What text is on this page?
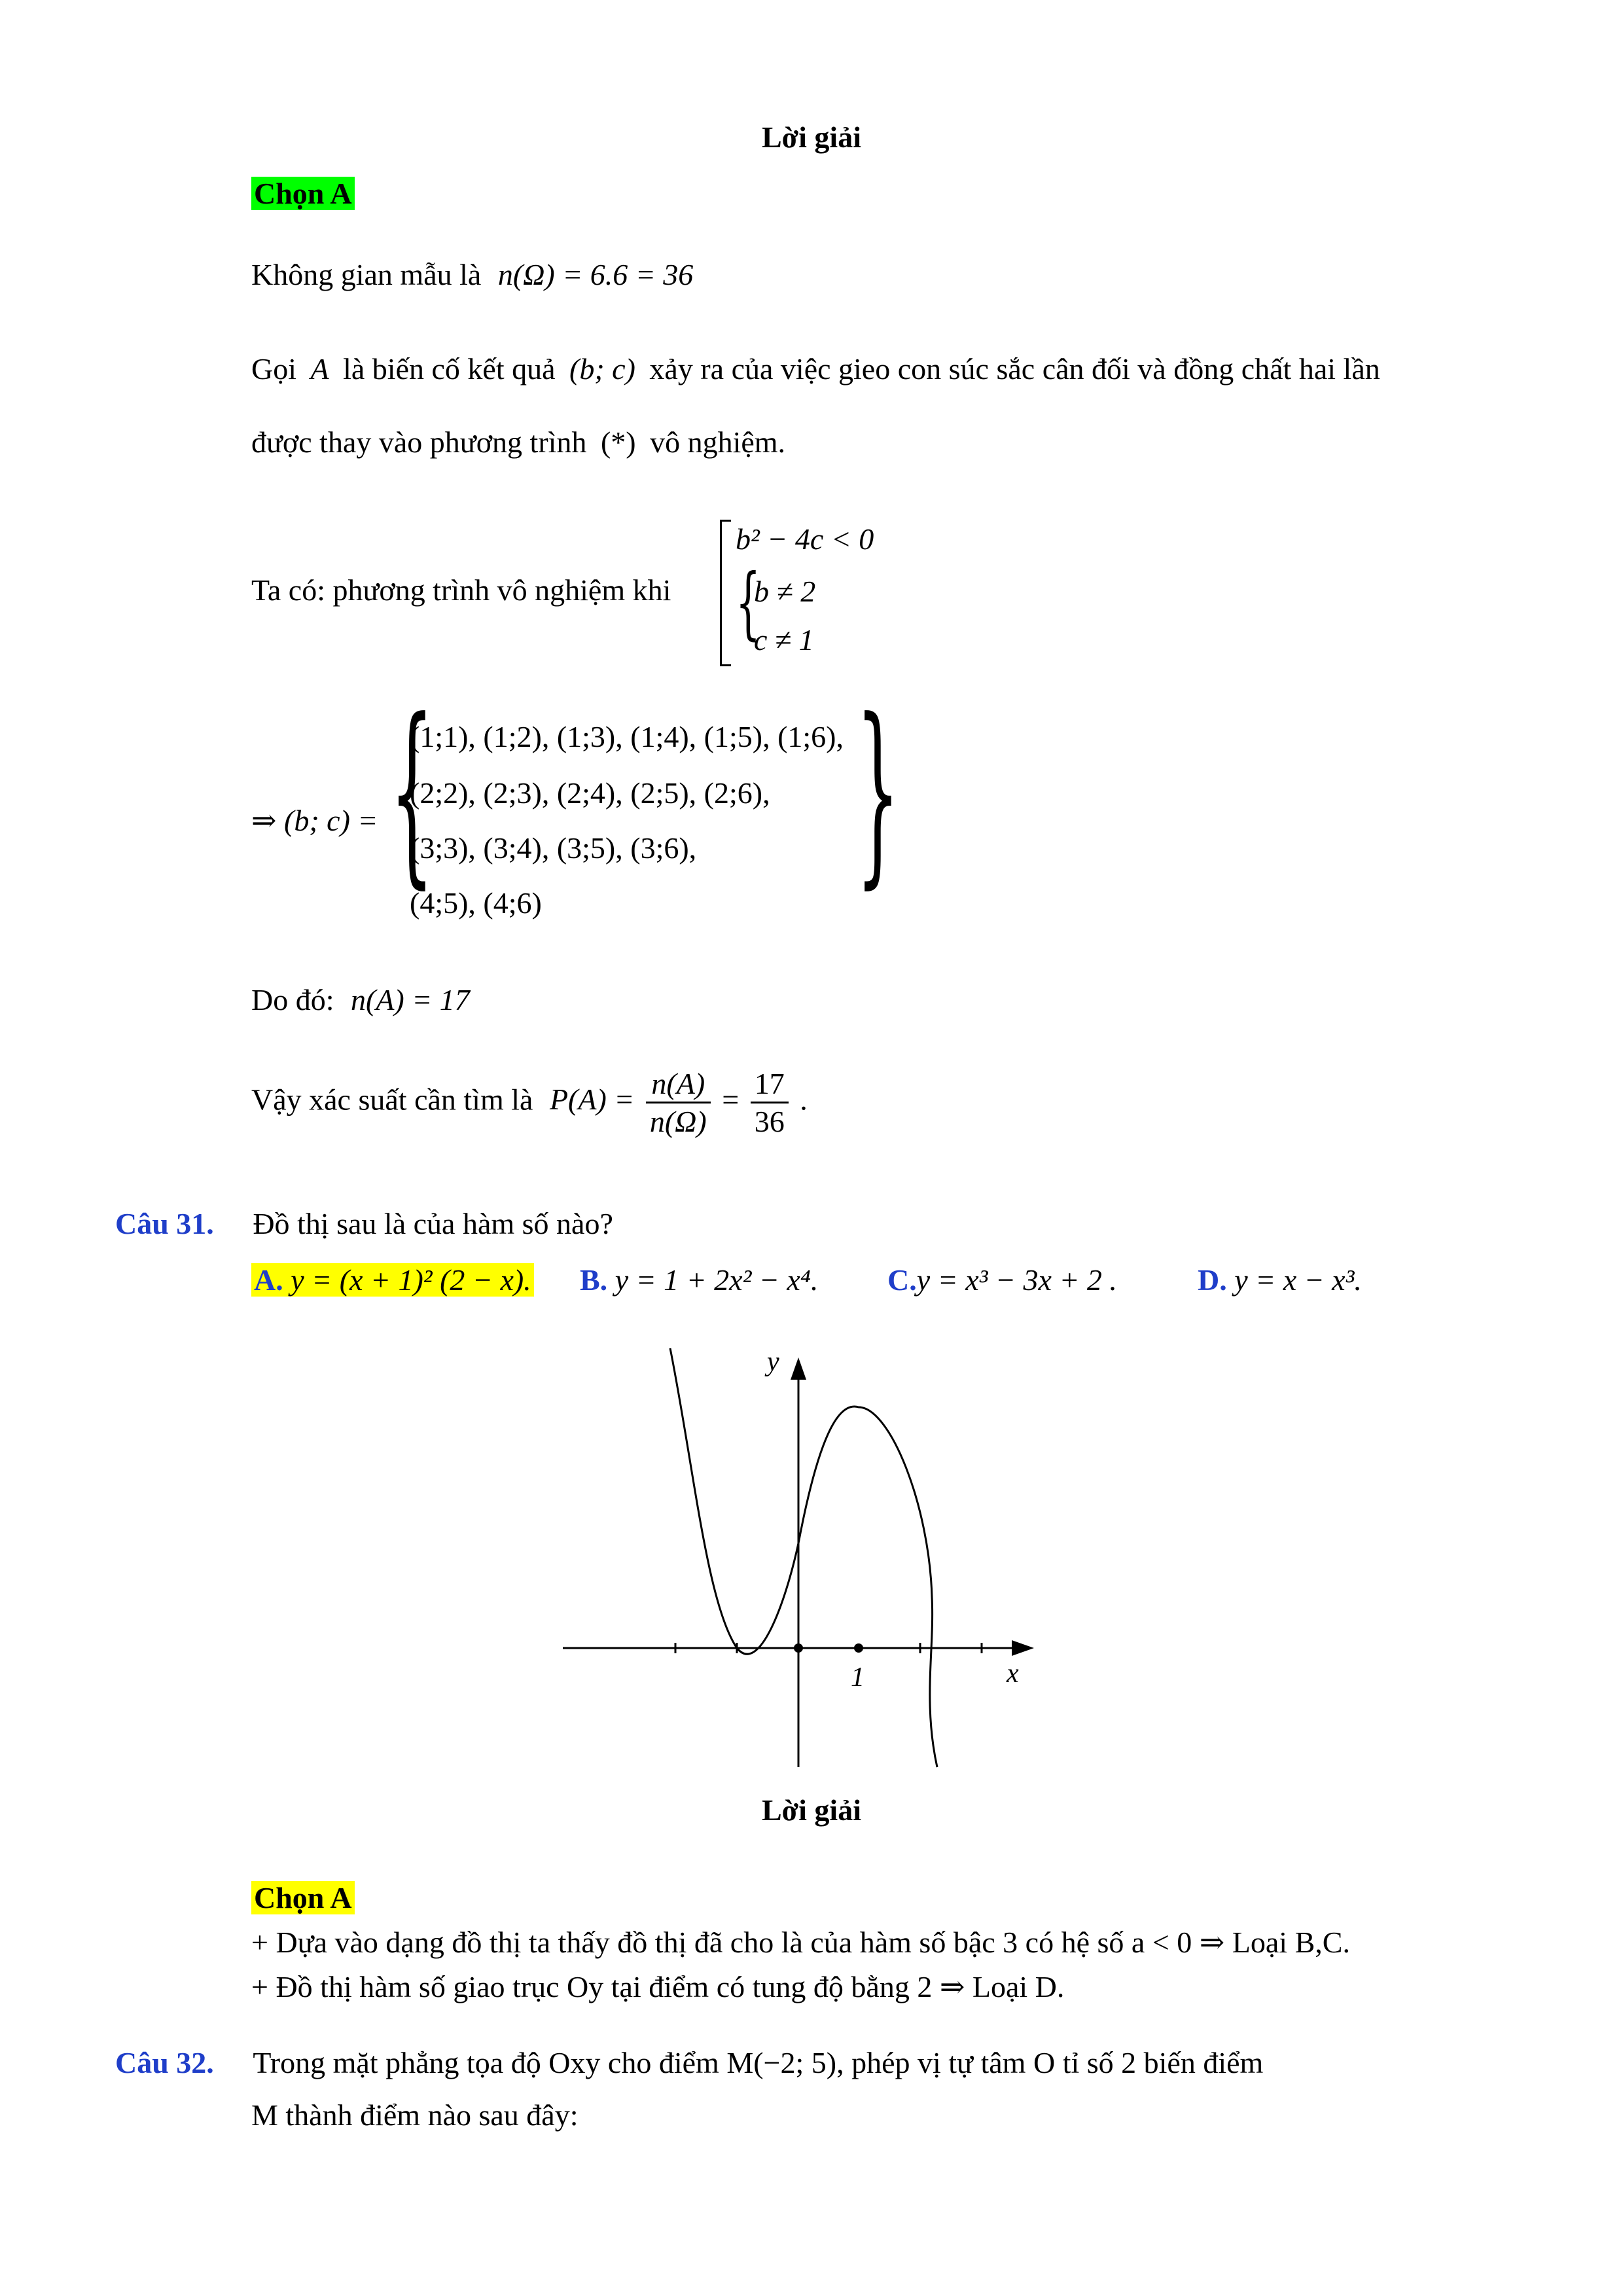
Lời giải
Chọn A
Không gian mẫu là n(Ω) = 6.6 = 36
Gọi A là biến cố kết quả (b; c) xảy ra của việc gieo con súc sắc cân đối và đồng chất hai lần
được thay vào phương trình (*) vô nghiệm.
Ta có: phương trình vô nghiệm khi
b² − 4c < 0
{
b ≠ 2
c ≠ 1
⇒ (b; c) = {
(1;1), (1;2), (1;3), (1;4), (1;5), (1;6),
(2;2), (2;3), (2;4), (2;5), (2;6),
(3;3), (3;4), (3;5), (3;6),
(4;5), (4;6) }
Do đó: n(A) = 17
Vậy xác suất cần tìm là $P(A) = \frac{n(A)}{n(\Omega)} = \frac{17}{36}$ .
Câu 31. Đồ thị sau là của hàm số nào?
A. y = (x + 1)² (2 − x). B. y = 1 + 2x² − x⁴. C.y = x³ − 3x + 2 .	D. y = x − x³.
y
x
1
Lời giải
Chọn A
+ Dựa vào dạng đồ thị ta thấy đồ thị đã cho là của hàm số bậc 3 có hệ số a < 0 ⇒ Loại B,C.
+ Đồ thị hàm số giao trục Oy tại điểm có tung độ bằng 2 ⇒ Loại D.
Câu 32. Trong mặt phẳng tọa độ Oxy cho điểm M(−2; 5), phép vị tự tâm O tỉ số 2 biến điểm
M thành điểm nào sau đây:
